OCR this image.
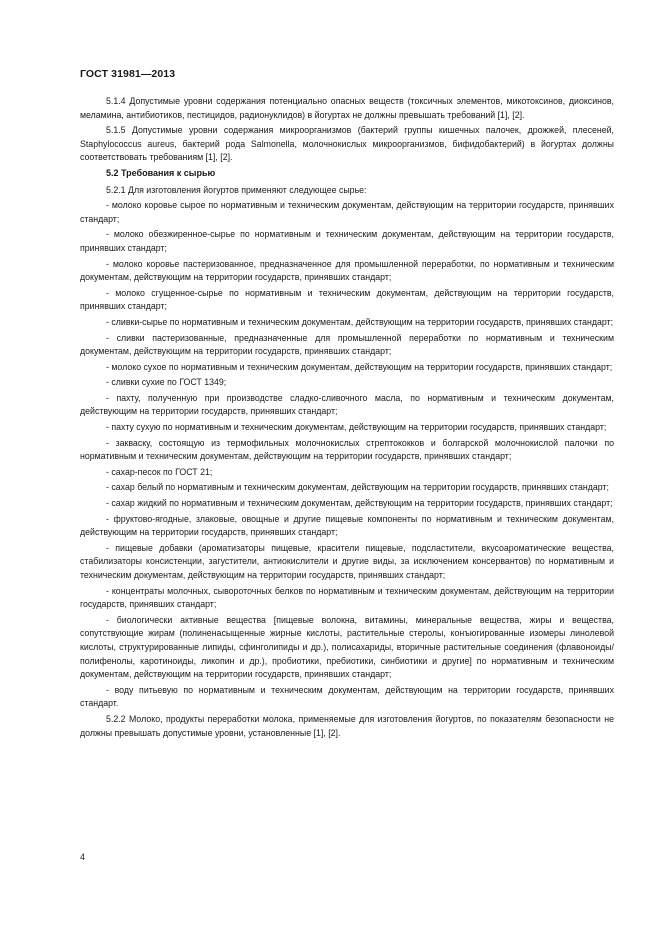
ГОСТ 31981—2013

5.1.4 Допустимые уровни содержания потенциально опасных веществ (токсичных элементов, микотоксинов, диоксинов, меламина, антибиотиков, пестицидов, радионуклидов) в йогуртах не должны превышать требований [1], [2].

5.1.5 Допустимые уровни содержания микроорганизмов (бактерий группы кишечных палочек, дрожжей, плесеней, Staphylococcus aureus, бактерий рода Salmonella, молочнокислых микроорганизмов, бифидобактерий) в йогуртах должны соответствовать требованиям [1], [2].

5.2 Требования к сырью

5.2.1 Для изготовления йогуртов применяют следующее сырье:

- молоко коровье сырое по нормативным и техническим документам, действующим на территории государств, принявших стандарт;

- молоко обезжиренное-сырье по нормативным и техническим документам, действующим на территории государств, принявших стандарт;

- молоко коровье пастеризованное, предназначенное для промышленной переработки, по нормативным и техническим документам, действующим на территории государств, принявших стандарт;

- молоко сгущенное-сырье по нормативным и техническим документам, действующим на территории государств, принявших стандарт;

- сливки-сырье по нормативным и техническим документам, действующим на территории государств, принявших стандарт;

- сливки пастеризованные, предназначенные для промышленной переработки по нормативным и техническим документам, действующим на территории государств, принявших стандарт;

- молоко сухое по нормативным и техническим документам, действующим на территории государств, принявших стандарт;

- сливки сухие по ГОСТ 1349;

- пахту, полученную при производстве сладко-сливочного масла, по нормативным и техническим документам, действующим на территории государств, принявших стандарт;

- пахту сухую по нормативным и техническим документам, действующим на территории государств, принявших стандарт;

- закваску, состоящую из термофильных молочнокислых стрептококков и болгарской молочнокислой палочки по нормативным и техническим документам, действующим на территории государств, принявших стандарт;

- сахар-песок по ГОСТ 21;

- сахар белый по нормативным и техническим документам, действующим на территории государств, принявших стандарт;

- сахар жидкий по нормативным и техническим документам, действующим на территории государств, принявших стандарт;

- фруктово-ягодные, злаковые, овощные и другие пищевые компоненты по нормативным и техническим документам, действующим на территории государств, принявших стандарт;

- пищевые добавки (ароматизаторы пищевые, красители пищевые, подсластители, вкусоароматические вещества, стабилизаторы консистенции, загустители, антиокислители и другие виды, за исключением консервантов) по нормативным и техническим документам, действующим на территории государств, принявших стандарт;

- концентраты молочных, сывороточных белков по нормативным и техническим документам, действующим на территории государств, принявших стандарт;

- биологически активные вещества [пищевые волокна, витамины, минеральные вещества, жиры и вещества, сопутствующие жирам (полиненасыщенные жирные кислоты, растительные стеролы, конъюгированные изомеры линолевой кислоты, структурированные липиды, сфинголипиды и др.), полисахариды, вторичные растительные соединения (флавоноиды/полифенолы, каротиноиды, ликопин и др.), пробиотики, пребиотики, синбиотики и другие] по нормативным и техническим документам, действующим на территории государств, принявших стандарт;

- воду питьевую по нормативным и техническим документам, действующим на территории государств, принявших стандарт.

5.2.2 Молоко, продукты переработки молока, применяемые для изготовления йогуртов, по показателям безопасности не должны превышать допустимые уровни, установленные [1], [2].

4
